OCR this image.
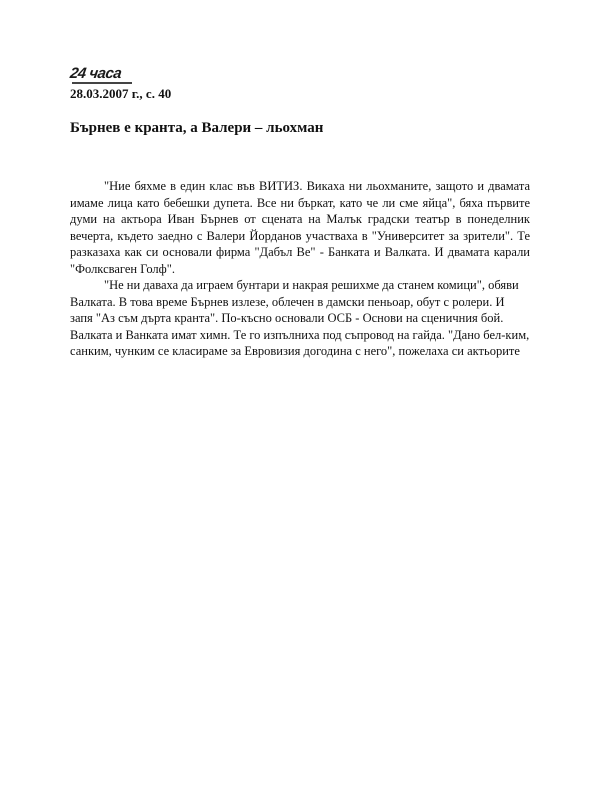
24 часа
28.03.2007 г., с. 40
Бърнев е кранта, а Валери – льохман

"Ние бяхме в един клас във ВИТИЗ. Викаха ни льохманите, защото и двамата имаме лица като бебешки дупета. Все ни бъркат, като че ли сме яйца", бяха първите думи на актьора Иван Бърнев от сцената на Малък градски театър в понеделник вечерта, където заедно с Валери Йорданов участваха в "Университет за зрители". Те разказаха как си основали фирма "Дабъл Ве" - Банката и Валката. И двамата карали "Фолксваген Голф".

"Не ни даваха да играем бунтари и накрая решихме да станем комици", обяви Валката. В това време Бърнев излезе, облечен в дамски пеньоар, обут с ролери. И запя "Аз съм дърта кранта". По-късно основали ОСБ - Основи на сценичния бой. Валката и Ванката имат химн. Те го изпълниха под съпровод на гайда. "Дано бел-ким, санким, чунким се класираме за Евровизия догодина с него", пожелаха си актьорите
